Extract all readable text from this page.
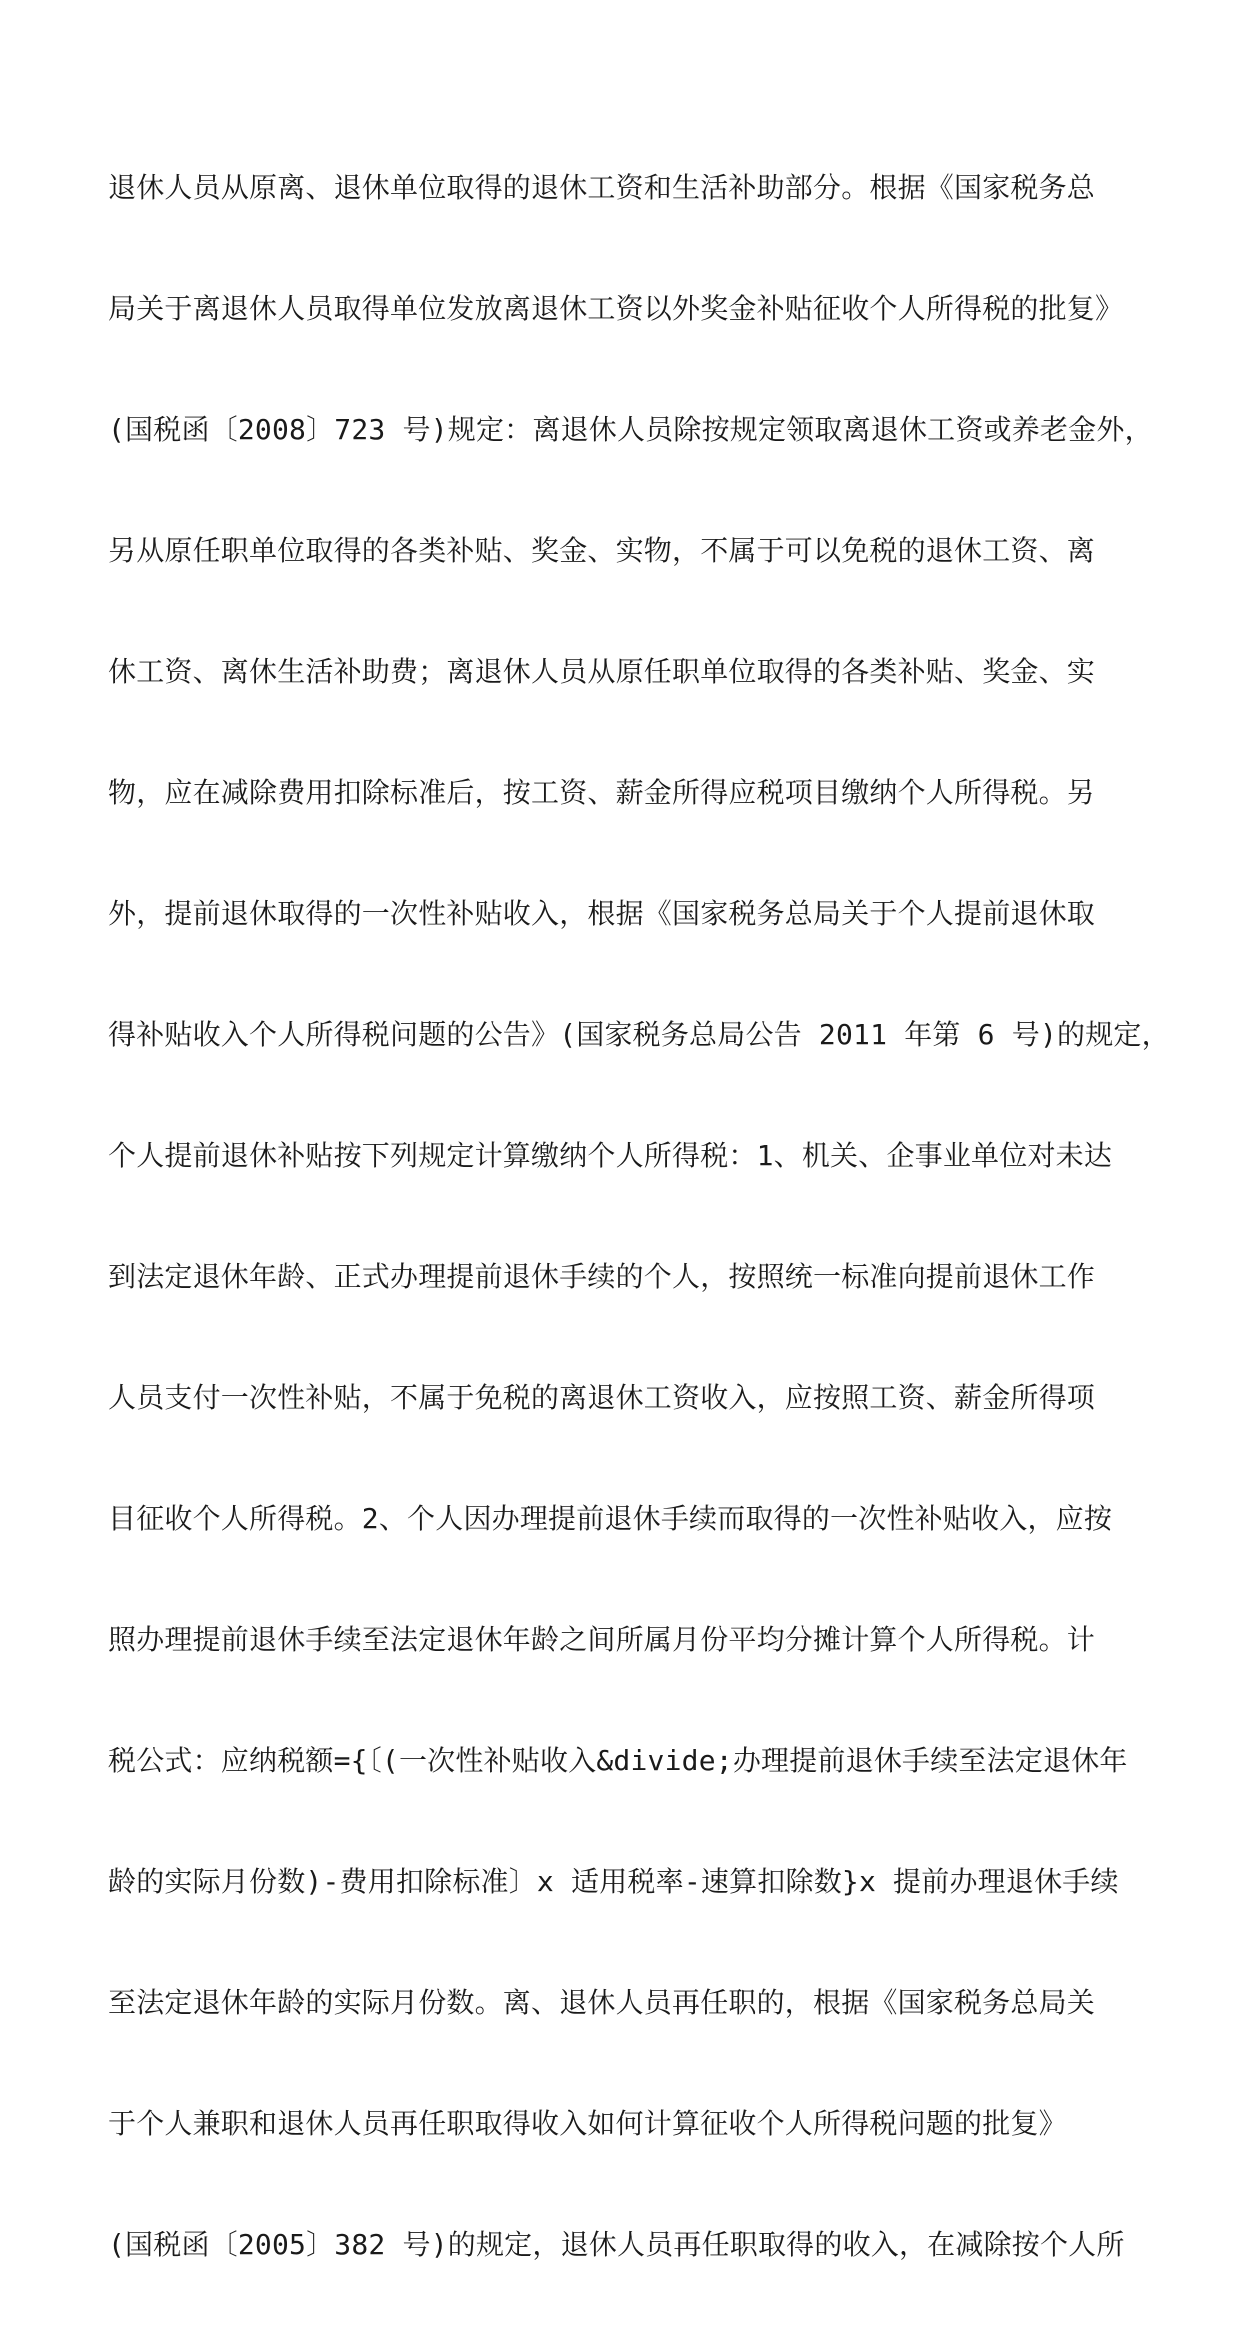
退休人员从原离、退休单位取得的退休工资和生活补助部分。根据《国家税务总
局关于离退休人员取得单位发放离退休工资以外奖金补贴征收个人所得税的批复》
(国税函〔2008〕723 号)规定：离退休人员除按规定领取离退休工资或养老金外，
另从原任职单位取得的各类补贴、奖金、实物，不属于可以免税的退休工资、离
休工资、离休生活补助费；离退休人员从原任职单位取得的各类补贴、奖金、实
物，应在减除费用扣除标准后，按工资、薪金所得应税项目缴纳个人所得税。另
外，提前退休取得的一次性补贴收入，根据《国家税务总局关于个人提前退休取
得补贴收入个人所得税问题的公告》(国家税务总局公告 2011 年第 6 号)的规定，
个人提前退休补贴按下列规定计算缴纳个人所得税：1、机关、企事业单位对未达
到法定退休年龄、正式办理提前退休手续的个人，按照统一标准向提前退休工作
人员支付一次性补贴，不属于免税的离退休工资收入，应按照工资、薪金所得项
目征收个人所得税。2、个人因办理提前退休手续而取得的一次性补贴收入，应按
照办理提前退休手续至法定退休年龄之间所属月份平均分摊计算个人所得税。计
税公式：应纳税额={〔(一次性补贴收入&divide;办理提前退休手续至法定退休年
龄的实际月份数)-费用扣除标准〕x 适用税率-速算扣除数}x 提前办理退休手续
至法定退休年龄的实际月份数。离、退休人员再任职的，根据《国家税务总局关
于个人兼职和退休人员再任职取得收入如何计算征收个人所得税问题的批复》
(国税函〔2005〕382 号)的规定，退休人员再任职取得的收入，在减除按个人所
